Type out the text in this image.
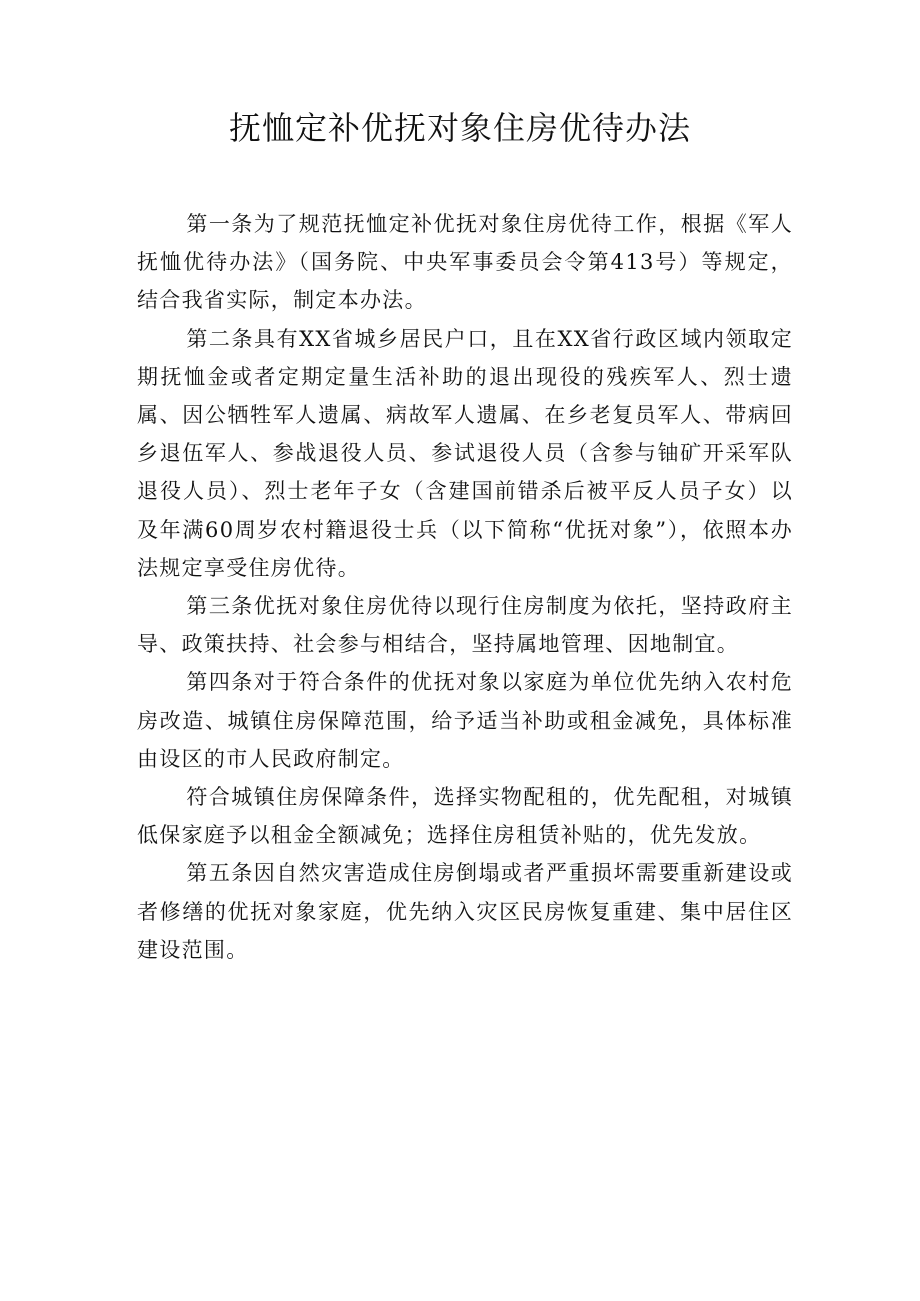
抚恤定补优抚对象住房优待办法

第一条为了规范抚恤定补优抚对象住房优待工作，根据《军人抚恤优待办法》（国务院、中央军事委员会令第413号）等规定，结合我省实际，制定本办法。

第二条具有XX省城乡居民户口，且在XX省行政区域内领取定期抚恤金或者定期定量生活补助的退出现役的残疾军人、烈士遗属、因公牺牲军人遗属、病故军人遗属、在乡老复员军人、带病回乡退伍军人、参战退役人员、参试退役人员（含参与铀矿开采军队退役人员）、烈士老年子女（含建国前错杀后被平反人员子女）以及年满60周岁农村籍退役士兵（以下简称“优抚对象”），依照本办法规定享受住房优待。

第三条优抚对象住房优待以现行住房制度为依托，坚持政府主导、政策扶持、社会参与相结合，坚持属地管理、因地制宜。

第四条对于符合条件的优抚对象以家庭为单位优先纳入农村危房改造、城镇住房保障范围，给予适当补助或租金减免，具体标准由设区的市人民政府制定。

符合城镇住房保障条件，选择实物配租的，优先配租，对城镇低保家庭予以租金全额减免；选择住房租赁补贴的，优先发放。

第五条因自然灾害造成住房倒塌或者严重损坏需要重新建设或者修缮的优抚对象家庭，优先纳入灾区民房恢复重建、集中居住区建设范围。
